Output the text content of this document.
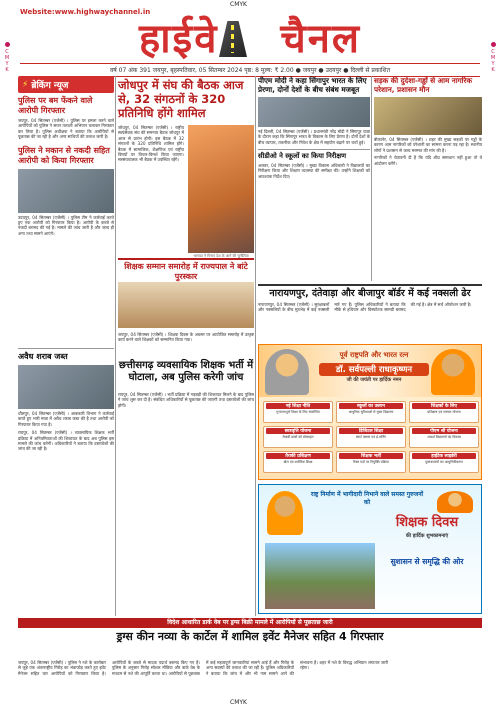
CMYK
CMYK
C
M
Y
K
C
M
Y
K
Website:www.highwaychannel.in
हाईवे चैनल
वर्ष 07 अंक 391 जयपुर, बृहस्पतिवार, 05 सितम्बर 2024 पृष्ठ: 8 मूल्य: ₹ 2.00 ● जयपुर ● उदयपुर ● दिल्ली से प्रकाशित
⚡ ब्रेकिंग न्यूज
पुलिस पर बम फेंकने वाले आरोपी गिरफ्तार
जयपुर, 04 सितम्बर (एजेंसी) । पुलिस पर हमला करने वाले आरोपियों को पुलिस ने सघन तलाशी अभियान चलाकर गिरफ्तार कर लिया है। पुलिस अधीक्षक ने बताया कि आरोपियों से पूछताछ की जा रही है और अन्य साथियों की तलाश जारी है।
पुलिस ने मकान से नकदी सहित आरोपी को किया गिरफ्तार
उदयपुर, 04 सितम्बर (एजेंसी) । पुलिस टीम ने कार्रवाई करते हुए एक आरोपी को गिरफ्तार किया है। आरोपी के कब्जे से नकदी बरामद की गई है। मामले की जांच जारी है और जल्द ही अन्य तथ्य सामने आएंगे।
अवैध शराब जब्त
धौलपुर, 04 सितम्बर (एजेंसी) । आबकारी विभाग ने कार्रवाई करते हुए भारी मात्रा में अवैध शराब जब्त की है तथा आरोपी को गिरफ्तार किया गया है।
रायपुर, 04 सितम्बर (एजेंसी) । व्यवसायिक शिक्षक भर्ती प्रक्रिया में अनियमितताओं की शिकायत के बाद अब पुलिस इस मामले की जांच करेगी। अधिकारियों ने बताया कि दस्तावेजों की जांच की जा रही है।
जोधपुर में संघ की बैठक आज से, 32 संगठनों के 320 प्रतिनिधि होंगे शामिल
जोधपुर, 04 सितम्बर (एजेंसी) । राष्ट्रीय स्वयंसेवक संघ की समन्वय बैठक जोधपुर में आज से प्रारंभ होगी। इस बैठक में 32 संगठनों के 320 प्रतिनिधि शामिल होंगे। बैठक में सामाजिक, शैक्षणिक एवं राष्ट्रीय विषयों पर विचार-विमर्श किया जाएगा। सरसंघचालक भी बैठक में उपस्थित रहेंगे।
भागवत ने गिनाए देश के आगे की चुनौतियां
पीएम मोदी ने कहा सिंगापुर भारत के लिए प्रेरणा, दोनों देशों के बीच संबंध मजबूत
नई दिल्ली, 04 सितम्बर (एजेंसी) । प्रधानमंत्री नरेंद्र मोदी ने सिंगापुर यात्रा के दौरान कहा कि सिंगापुर भारत के विकास के लिए प्रेरणा है। दोनों देशों के बीच व्यापार, तकनीक और निवेश के क्षेत्र में सहयोग बढ़ाने पर चर्चा हुई।
सीडीओ ने स्कूलों का किया निरीक्षण
अलवर, 04 सितम्बर (एजेंसी) । मुख्य विकास अधिकारी ने विद्यालयों का निरीक्षण किया और शिक्षण व्यवस्था की समीक्षा की। उन्होंने शिक्षकों को आवश्यक निर्देश दिए।
सड़क की दुर्दशा-गड्ढों से आम नागरिक परेशान, प्रशासन मौन
बीकानेर, 04 सितम्बर (एजेंसी) । शहर की मुख्य सड़कों पर गड्ढों के कारण आम नागरिकों को परेशानी का सामना करना पड़ रहा है। स्थानीय लोगों ने प्रशासन से जल्द मरम्मत की मांग की है।
नागरिकों ने चेतावनी दी है कि यदि शीघ्र समाधान नहीं हुआ तो वे आंदोलन करेंगे।
शिक्षक सम्मान समारोह में राज्यपाल ने बांटे पुरस्कार
जयपुर, 04 सितम्बर (एजेंसी) । शिक्षक दिवस के अवसर पर आयोजित समारोह में उत्कृष्ट कार्य करने वाले शिक्षकों को सम्मानित किया गया।
छत्तीसगढ़ व्यवसायिक शिक्षक भर्ती में घोटाला, अब पुलिस करेगी जांच
रायपुर, 04 सितम्बर (एजेंसी) । भर्ती प्रक्रिया में गड़बड़ी की शिकायत मिलने के बाद पुलिस ने जांच शुरू कर दी है। संबंधित अधिकारियों से पूछताछ की जाएगी तथा दस्तावेजों की जांच होगी।
नारायणपुर, दंतेवाड़ा और बीजापुर बॉर्डर में कई नक्सली ढेर
नारायणपुर, 04 सितम्बर (एजेंसी) । सुरक्षाबलों और नक्सलियों के बीच मुठभेड़ में कई नक्सली मारे गए हैं। पुलिस अधिकारियों ने बताया कि मौके से हथियार और विस्फोटक सामग्री बरामद की गई है। क्षेत्र में सर्च ऑपरेशन जारी है।
पूर्व राष्ट्रपति और भारत रत्न
डॉ. सर्वपल्ली राधाकृष्णन
जी की जयंती पर हार्दिक नमन
नई शिक्षा नीति
गुणवत्तापूर्ण शिक्षा के लिए संकल्पित
स्कूलों का उन्नयन
आधुनिक सुविधाओं से युक्त विद्यालय
शिक्षकों के लिए
प्रशिक्षण एवं सम्मान योजना
छात्रवृत्ति योजना
मेधावी छात्रों को प्रोत्साहन
डिजिटल शिक्षा
स्मार्ट क्लास एवं ई-लर्निंग
पीएम श्री योजना
आदर्श विद्यालयों का विकास
तैराकी प्रशिक्षण
खेल एवं शारीरिक शिक्षा
शिक्षक भर्ती
रिक्त पदों पर नियुक्ति प्रक्रिया
हाईटेक लाइब्रेरी
पुस्तकालयों का आधुनिकीकरण
राष्ट्र निर्माण में भागीदारी निभाने वाले समस्त गुरुजनों को
शिक्षक दिवस
की हार्दिक शुभकामनाएं
सुशासन से समृद्धि की ओर
विदेश आधारित डार्क वेब पर ड्रग्स बिक्री मामले में आरोपियों से पूछताछ जारी
ड्रग्स कीन नव्या के कार्टेल में शामिल इवेंट मैनेजर सहित 4 गिरफ्तार
जयपुर, 04 सितम्बर (एजेंसी) । पुलिस ने नशे के कारोबार से जुड़े एक अंतरराष्ट्रीय गिरोह का भंडाफोड़ करते हुए इवेंट मैनेजर सहित चार आरोपियों को गिरफ्तार किया है। आरोपियों के कब्जे से मादक पदार्थ बरामद किए गए हैं। पुलिस के अनुसार गिरोह सोशल मीडिया और डार्क वेब के माध्यम से नशे की आपूर्ति करता था। आरोपियों से पूछताछ में कई महत्वपूर्ण जानकारियां सामने आई हैं और गिरोह के अन्य सदस्यों की तलाश की जा रही है। पुलिस अधिकारियों ने बताया कि जांच में और भी नाम सामने आने की संभावना है। शहर में नशे के विरुद्ध अभियान लगातार जारी रहेगा।
